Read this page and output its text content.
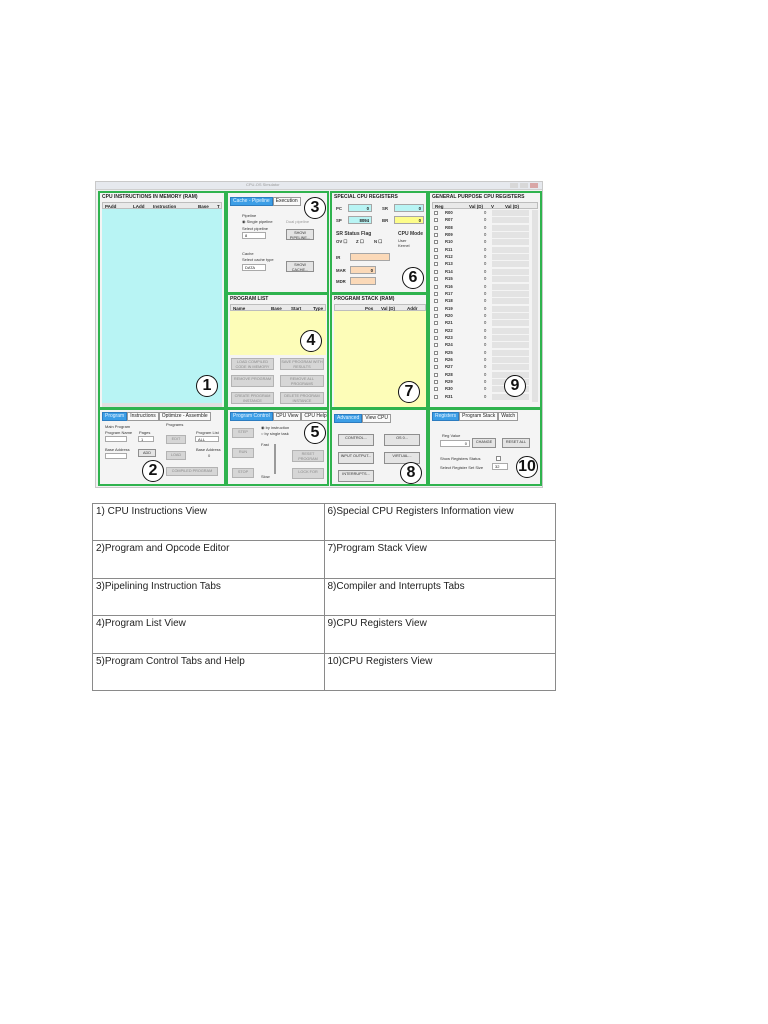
CPU-OS Simulator
CPU INSTRUCTIONS IN MEMORY (RAM)
PAdd	LAdd Instruction	Base T
1
Program Instructions Optimize - Assemble
Main Program
Program Name Pages
1
Programs
Program List
ALL
Base Address	Base Address
0
ADD
EDIT
LOAD
COMPILED PROGRAM
2
Cache - Pipeline Execution
Pipeline
◉ Single pipeline	Dual pipeline
Select pipeline
8	SHOW PIPELINE...
Cache
Select cache type
DATA	SHOW CACHE...
3
PROGRAM LIST
Name	Base Start	Type
LOAD COMPILED CODE IN MEMORY
SAVE PROGRAM WITH RESULTS
REMOVE PROGRAM	REMOVE ALL PROGRAMS
CREATE PROGRAM INSTANCE
DELETE PROGRAM INSTANCE
4
Program Control CPU View CPU Help
STEP
RUN
STOP
◉ by instruction
○ by single task
Fast
Slow
RESET PROGRAM
LOCK FOR
5
SPECIAL CPU REGISTERS
PC	0	SR	0
SP	8094	BR	0
SR Status Flag	CPU Mode
OV ☐ Z ☐ N ☐	User
Kernel
IR
MAR	0
MDR	6
PROGRAM STACK (RAM)
Pos Val (D)	Addr
7
Advanced View CPU
CONTROL...	OS 0...
INPUT OUTPUT...	VIRTUAL...
INTERRUPTS...	8
GENERAL PURPOSE CPU REGISTERS
Reg	Val (D) V Val (D)
R00	0
R07	0
R08	0
R09	0
R10	0
R11	0
R12	0
R13	0
R14	0
R15	0
R16	0
R17	0
R18	0
R19	0
R20	0
R21	0
R22	0
R23	0
R24	0
R25	0
R26	0
R27	0
R28	0
R29	0
R30	0
R31	0
9
Registers Program Stack Watch
Reg Value
0	CHANGE	RESET ALL
Show Registers Status
Select Register Set Size	32 10
1) CPU Instructions View	6)Special CPU Registers Information view
2)Program and Opcode Editor	7)Program Stack View
3)Pipelining Instruction Tabs	8)Compiler and Interrupts Tabs
4)Program List View	9)CPU Registers View
5)Program Control Tabs and Help	10)CPU Registers View
